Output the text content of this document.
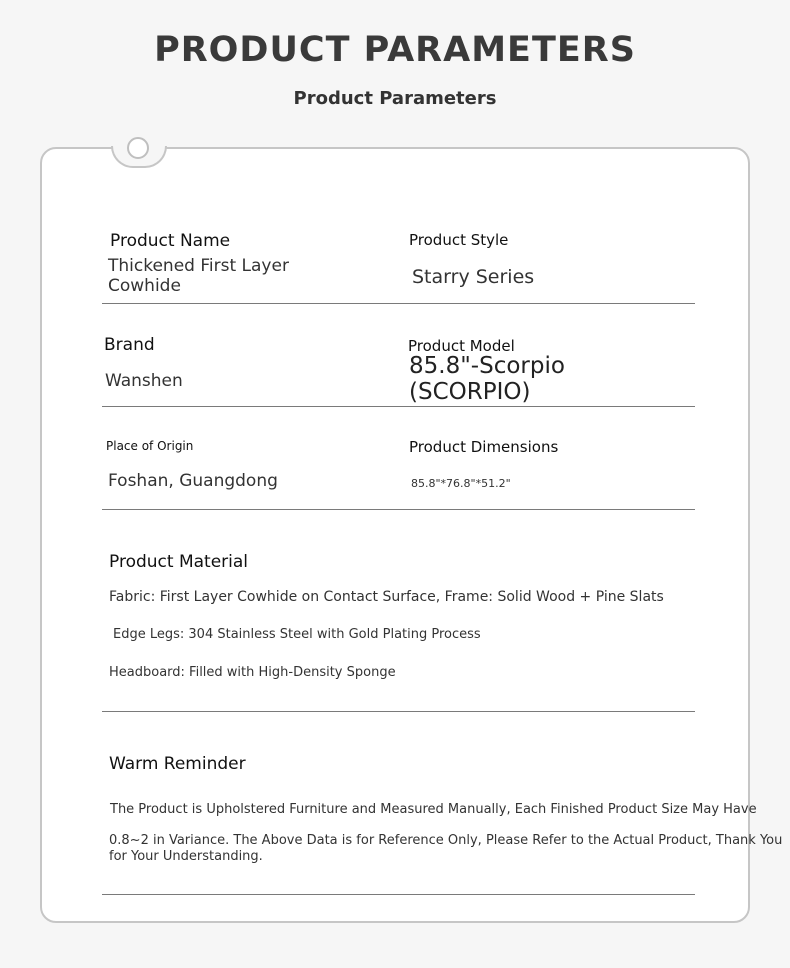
PRODUCT PARAMETERS
Product Parameters
Product Name
Thickened First Layer
Cowhide
Product Style
Starry Series
Brand
Wanshen
Product Model
85.8"-Scorpio
(SCORPIO)
Place of Origin
Foshan, Guangdong
Product Dimensions
85.8"*76.8"*51.2"
Product Material
Fabric: First Layer Cowhide on Contact Surface, Frame: Solid Wood + Pine Slats
Edge Legs: 304 Stainless Steel with Gold Plating Process
Headboard: Filled with High-Density Sponge
Warm Reminder
The Product is Upholstered Furniture and Measured Manually, Each Finished Product Size May Have
0.8~2 in Variance. The Above Data is for Reference Only, Please Refer to the Actual Product, Thank You
for Your Understanding.
